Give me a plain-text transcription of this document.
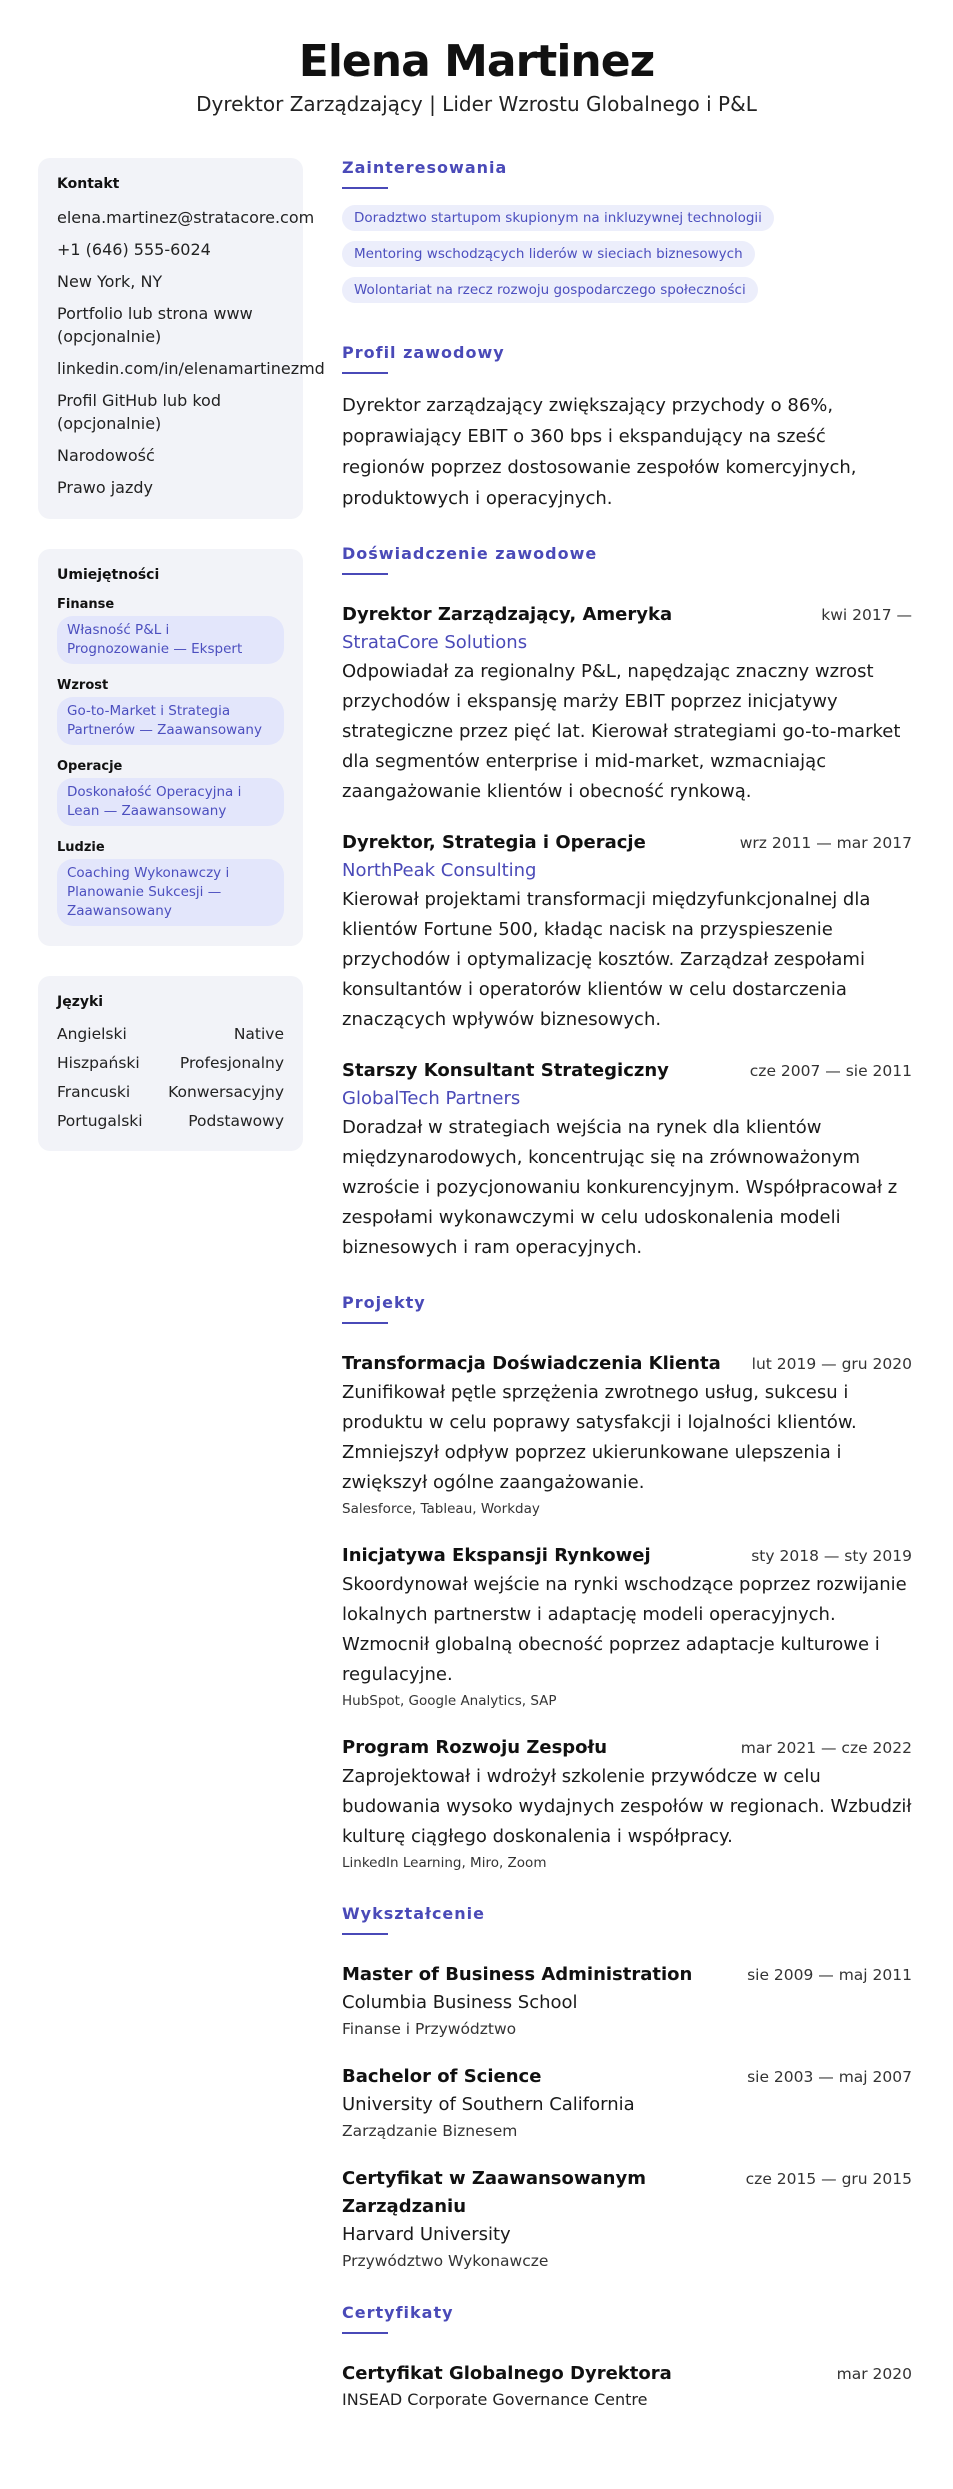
Elena Martinez
Dyrektor Zarządzający | Lider Wzrostu Globalnego i P&L
Kontakt
elena.martinez@stratacore.com
+1 (646) 555-6024
New York, NY
Portfolio lub strona www (opcjonalnie)
linkedin.com/in/elenamartinezmd
Profil GitHub lub kod (opcjonalnie)
Narodowość
Prawo jazdy
Umiejętności
Finanse
Własność P&L i Prognozowanie — Ekspert
Wzrost
Go-to-Market i Strategia Partnerów — Zaawansowany
Operacje
Doskonałość Operacyjna i Lean — Zaawansowany
Ludzie
Coaching Wykonawczy i Planowanie Sukcesji — Zaawansowany
Języki
Angielski	Native
Hiszpański	Profesjonalny
Francuski Konwersacyjny
Portugalski	Podstawowy
Zainteresowania
Doradztwo startupom skupionym na inkluzywnej technologii
Mentoring wschodzących liderów w sieciach biznesowych
Wolontariat na rzecz rozwoju gospodarczego społeczności
Profil zawodowy
Dyrektor zarządzający zwiększający przychody o 86%, poprawiający EBIT o 360 bps i ekspandujący na sześć regionów poprzez dostosowanie zespołów komercyjnych, produktowych i operacyjnych.
Doświadczenie zawodowe
Dyrektor Zarządzający, Ameryka	kwi 2017 —
StrataCore Solutions
Odpowiadał za regionalny P&L, napędzając znaczny wzrost przychodów i ekspansję marży EBIT poprzez inicjatywy strategiczne przez pięć lat. Kierował strategiami go-to-market dla segmentów enterprise i mid-market, wzmacniając zaangażowanie klientów i obecność rynkową.
Dyrektor, Strategia i Operacje	wrz 2011 — mar 2017
NorthPeak Consulting
Kierował projektami transformacji międzyfunkcjonalnej dla klientów Fortune 500, kładąc nacisk na przyspieszenie przychodów i optymalizację kosztów. Zarządzał zespołami konsultantów i operatorów klientów w celu dostarczenia znaczących wpływów biznesowych.
Starszy Konsultant Strategiczny	cze 2007 — sie 2011
GlobalTech Partners
Doradzał w strategiach wejścia na rynek dla klientów międzynarodowych, koncentrując się na zrównoważonym wzroście i pozycjonowaniu konkurencyjnym. Współpracował z zespołami wykonawczymi w celu udoskonalenia modeli biznesowych i ram operacyjnych.
Projekty
Transformacja Doświadczenia Klienta lut 2019 — gru 2020
Zunifikował pętle sprzężenia zwrotnego usług, sukcesu i produktu w celu poprawy satysfakcji i lojalności klientów. Zmniejszył odpływ poprzez ukierunkowane ulepszenia i zwiększył ogólne zaangażowanie.
Salesforce, Tableau, Workday
Inicjatywa Ekspansji Rynkowej	sty 2018 — sty 2019
Skoordynował wejście na rynki wschodzące poprzez rozwijanie lokalnych partnerstw i adaptację modeli operacyjnych. Wzmocnił globalną obecność poprzez adaptacje kulturowe i regulacyjne.
HubSpot, Google Analytics, SAP
Program Rozwoju Zespołu	mar 2021 — cze 2022
Zaprojektował i wdrożył szkolenie przywódcze w celu budowania wysoko wydajnych zespołów w regionach. Wzbudził kulturę ciągłego doskonalenia i współpracy.
LinkedIn Learning, Miro, Zoom
Wykształcenie
Master of Business Administration	sie 2009 — maj 2011
Columbia Business School
Finanse i Przywództwo
Bachelor of Science	sie 2003 — maj 2007
University of Southern California
Zarządzanie Biznesem
Certyfikat w Zaawansowanym Zarządzaniu
cze 2015 — gru 2015
Harvard University
Przywództwo Wykonawcze
Certyfikaty
Certyfikat Globalnego Dyrektora	mar 2020
INSEAD Corporate Governance Centre
